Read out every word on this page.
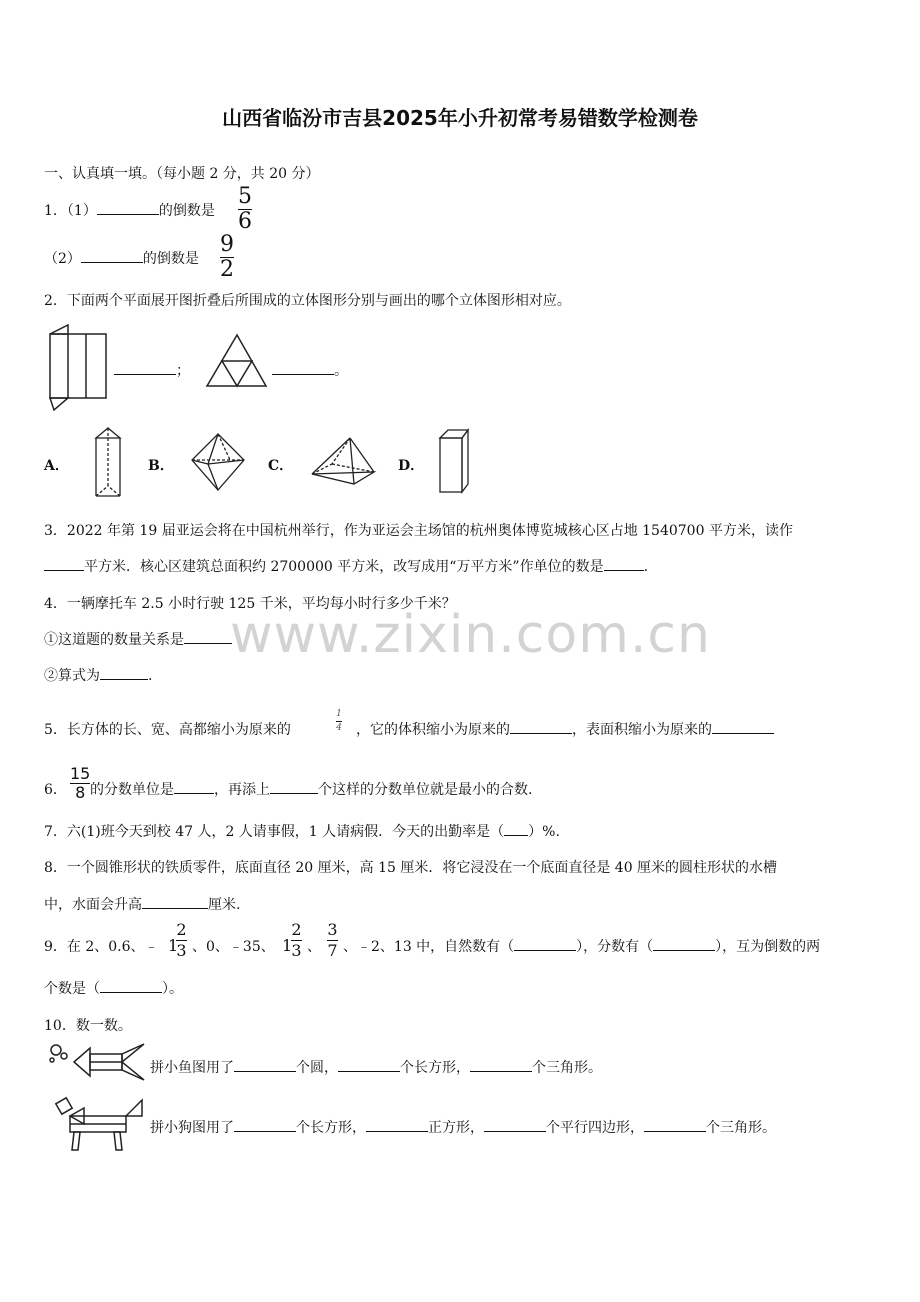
山西省临汾市吉县2025年小升初常考易错数学检测卷
一、认真填一填。（每小题 2 分，共 20 分）
1．（1）	的倒数是
5
6
（2）	的倒数是
9
2
2．下面两个平面展开图折叠后所围成的立体图形分别与画出的哪个立体图形相对应。
；	。
A．	B．	C．	D．
3．2022 年第 19 届亚运会将在中国杭州举行，作为亚运会主场馆的杭州奥体博览城核心区占地 1540700 平方米，读作
平方米．核心区建筑总面积约 2700000 平方米，改写成用“万平方米”作单位的数是	.
4．一辆摩托车 2.5 小时行驶 125 千米，平均每小时行多少千米？
①这道题的数量关系是
②算式为	.
www.zixin.com.cn
5．长方体的长、宽、高都缩小为原来的
1
4 ，它的体积缩小为原来的	，表面积缩小为原来的
6．
15
8 的分数单位是	，再添上	个这样的分数单位就是最小的合数.
7．六(1)班今天到校 47 人，2 人请事假，1 人请病假．今天的出勤率是（ ）%.
8．一个圆锥形状的铁质零件，底面直径 20 厘米，高 15 厘米．将它浸没在一个底面直径是 40 厘米的圆柱形状的水槽
中，水面会升高	厘米.
9．在 2、0.6、﹣ 1
2
3 、0、﹣35、 1
2
3 、
3
7 、﹣2、13 中，自然数有（	），分数有（	），互为倒数的两
个数是（	）。
10．数一数。
拼小鱼图用了	个圆，	个长方形，	个三角形。
拼小狗图用了	个长方形，	正方形，	个平行四边形，	个三角形。
